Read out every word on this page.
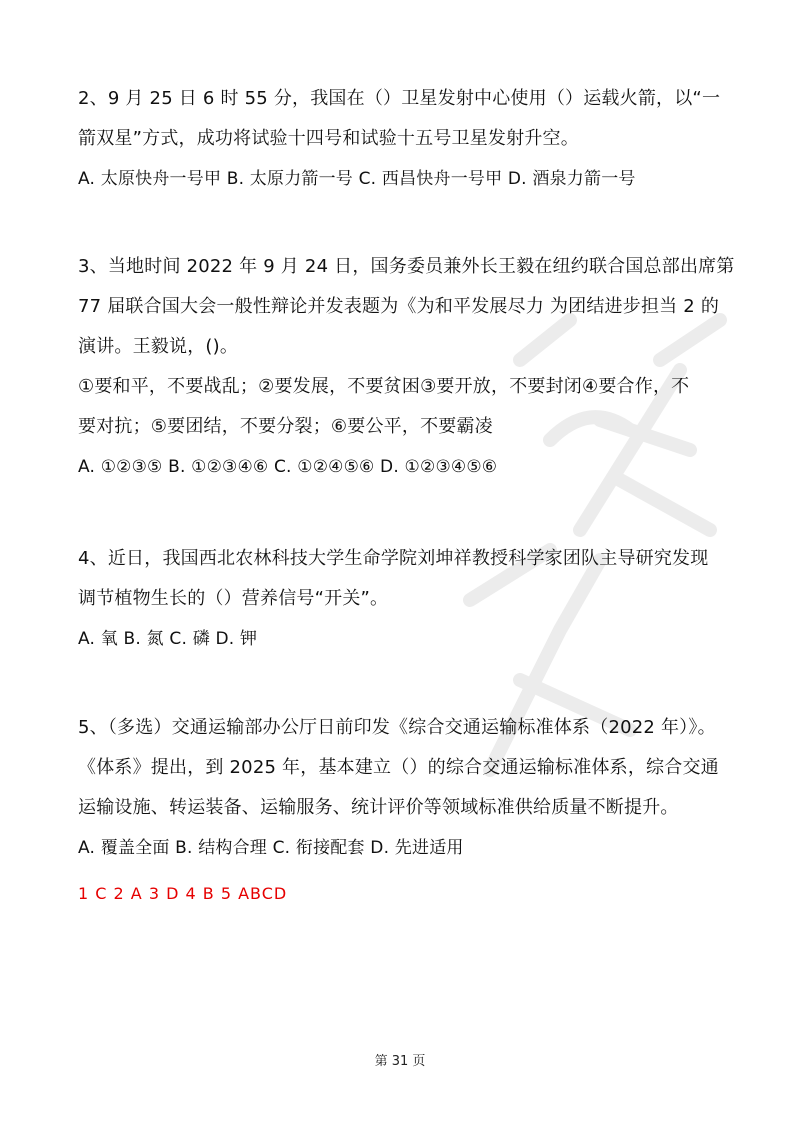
2、9 月 25 日 6 时 55 分，我国在（）卫星发射中心使用（）运载火箭，以“一
箭双星”方式，成功将试验十四号和试验十五号卫星发射升空。
A. 太原快舟一号甲 B. 太原力箭一号 C. 西昌快舟一号甲 D. 酒泉力箭一号
3、当地时间 2022 年 9 月 24 日，国务委员兼外长王毅在纽约联合国总部出席第
77 届联合国大会一般性辩论并发表题为《为和平发展尽力 为团结进步担当 2 的
演讲。王毅说，()。
①要和平，不要战乱；②要发展，不要贫困③要开放，不要封闭④要合作，不
要对抗；⑤要团结，不要分裂；⑥要公平，不要霸凌
A. ①②③⑤ B. ①②③④⑥ C. ①②④⑤⑥ D. ①②③④⑤⑥
4、近日，我国西北农林科技大学生命学院刘坤祥教授科学家团队主导研究发现
调节植物生长的（）营养信号“开关”。
A. 氧 B. 氮 C. 磷 D. 钾
5、（多选）交通运输部办公厅日前印发《综合交通运输标准体系（2022 年）》。
《体系》提出，到 2025 年，基本建立（）的综合交通运输标准体系，综合交通
运输设施、转运装备、运输服务、统计评价等领域标准供给质量不断提升。
A. 覆盖全面 B. 结构合理 C. 衔接配套 D. 先进适用
1 C 2 A 3 D 4 B 5 ABCD
第 31 页
